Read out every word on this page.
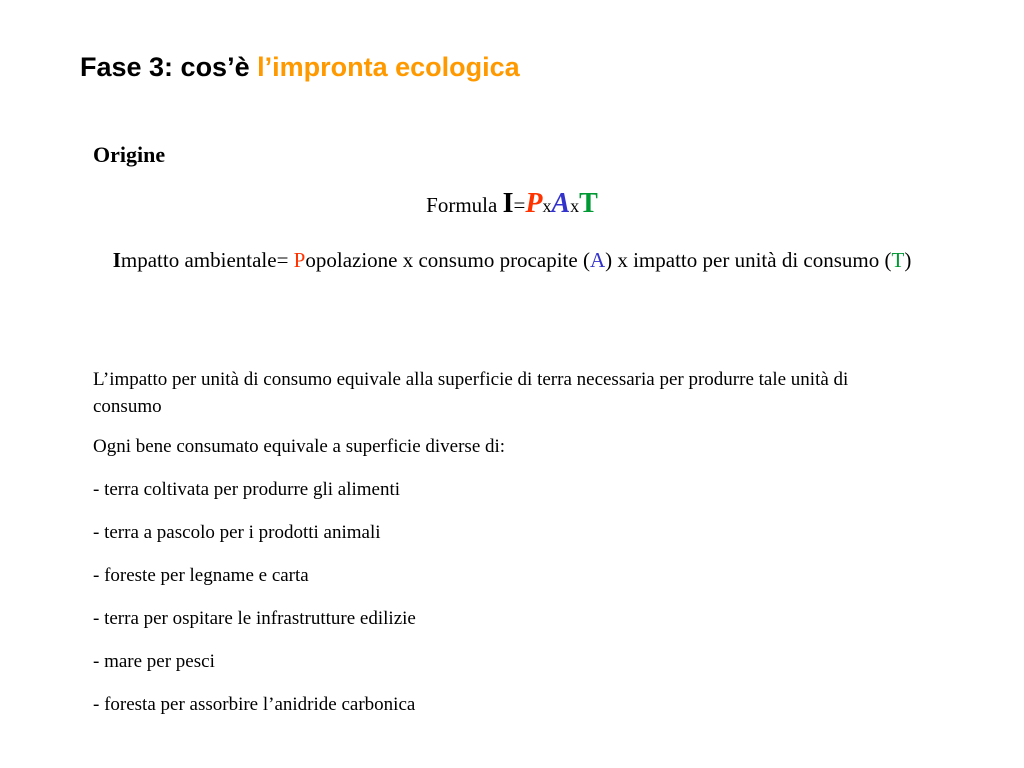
Fase 3: cos’è l’impronta ecologica
Origine
Formula I=PxAxT
Impatto ambientale= Popolazione x consumo procapite (A) x impatto per unità di consumo (T)

L’impatto per unità di consumo equivale alla superficie di terra necessaria per produrre tale unità di consumo

Ogni bene consumato equivale a superficie diverse di:
- terra coltivata per produrre gli alimenti
- terra a pascolo per i prodotti animali
- foreste per legname e carta
- terra per ospitare le infrastrutture edilizie
- mare per pesci
- foresta per assorbire l’anidride carbonica
